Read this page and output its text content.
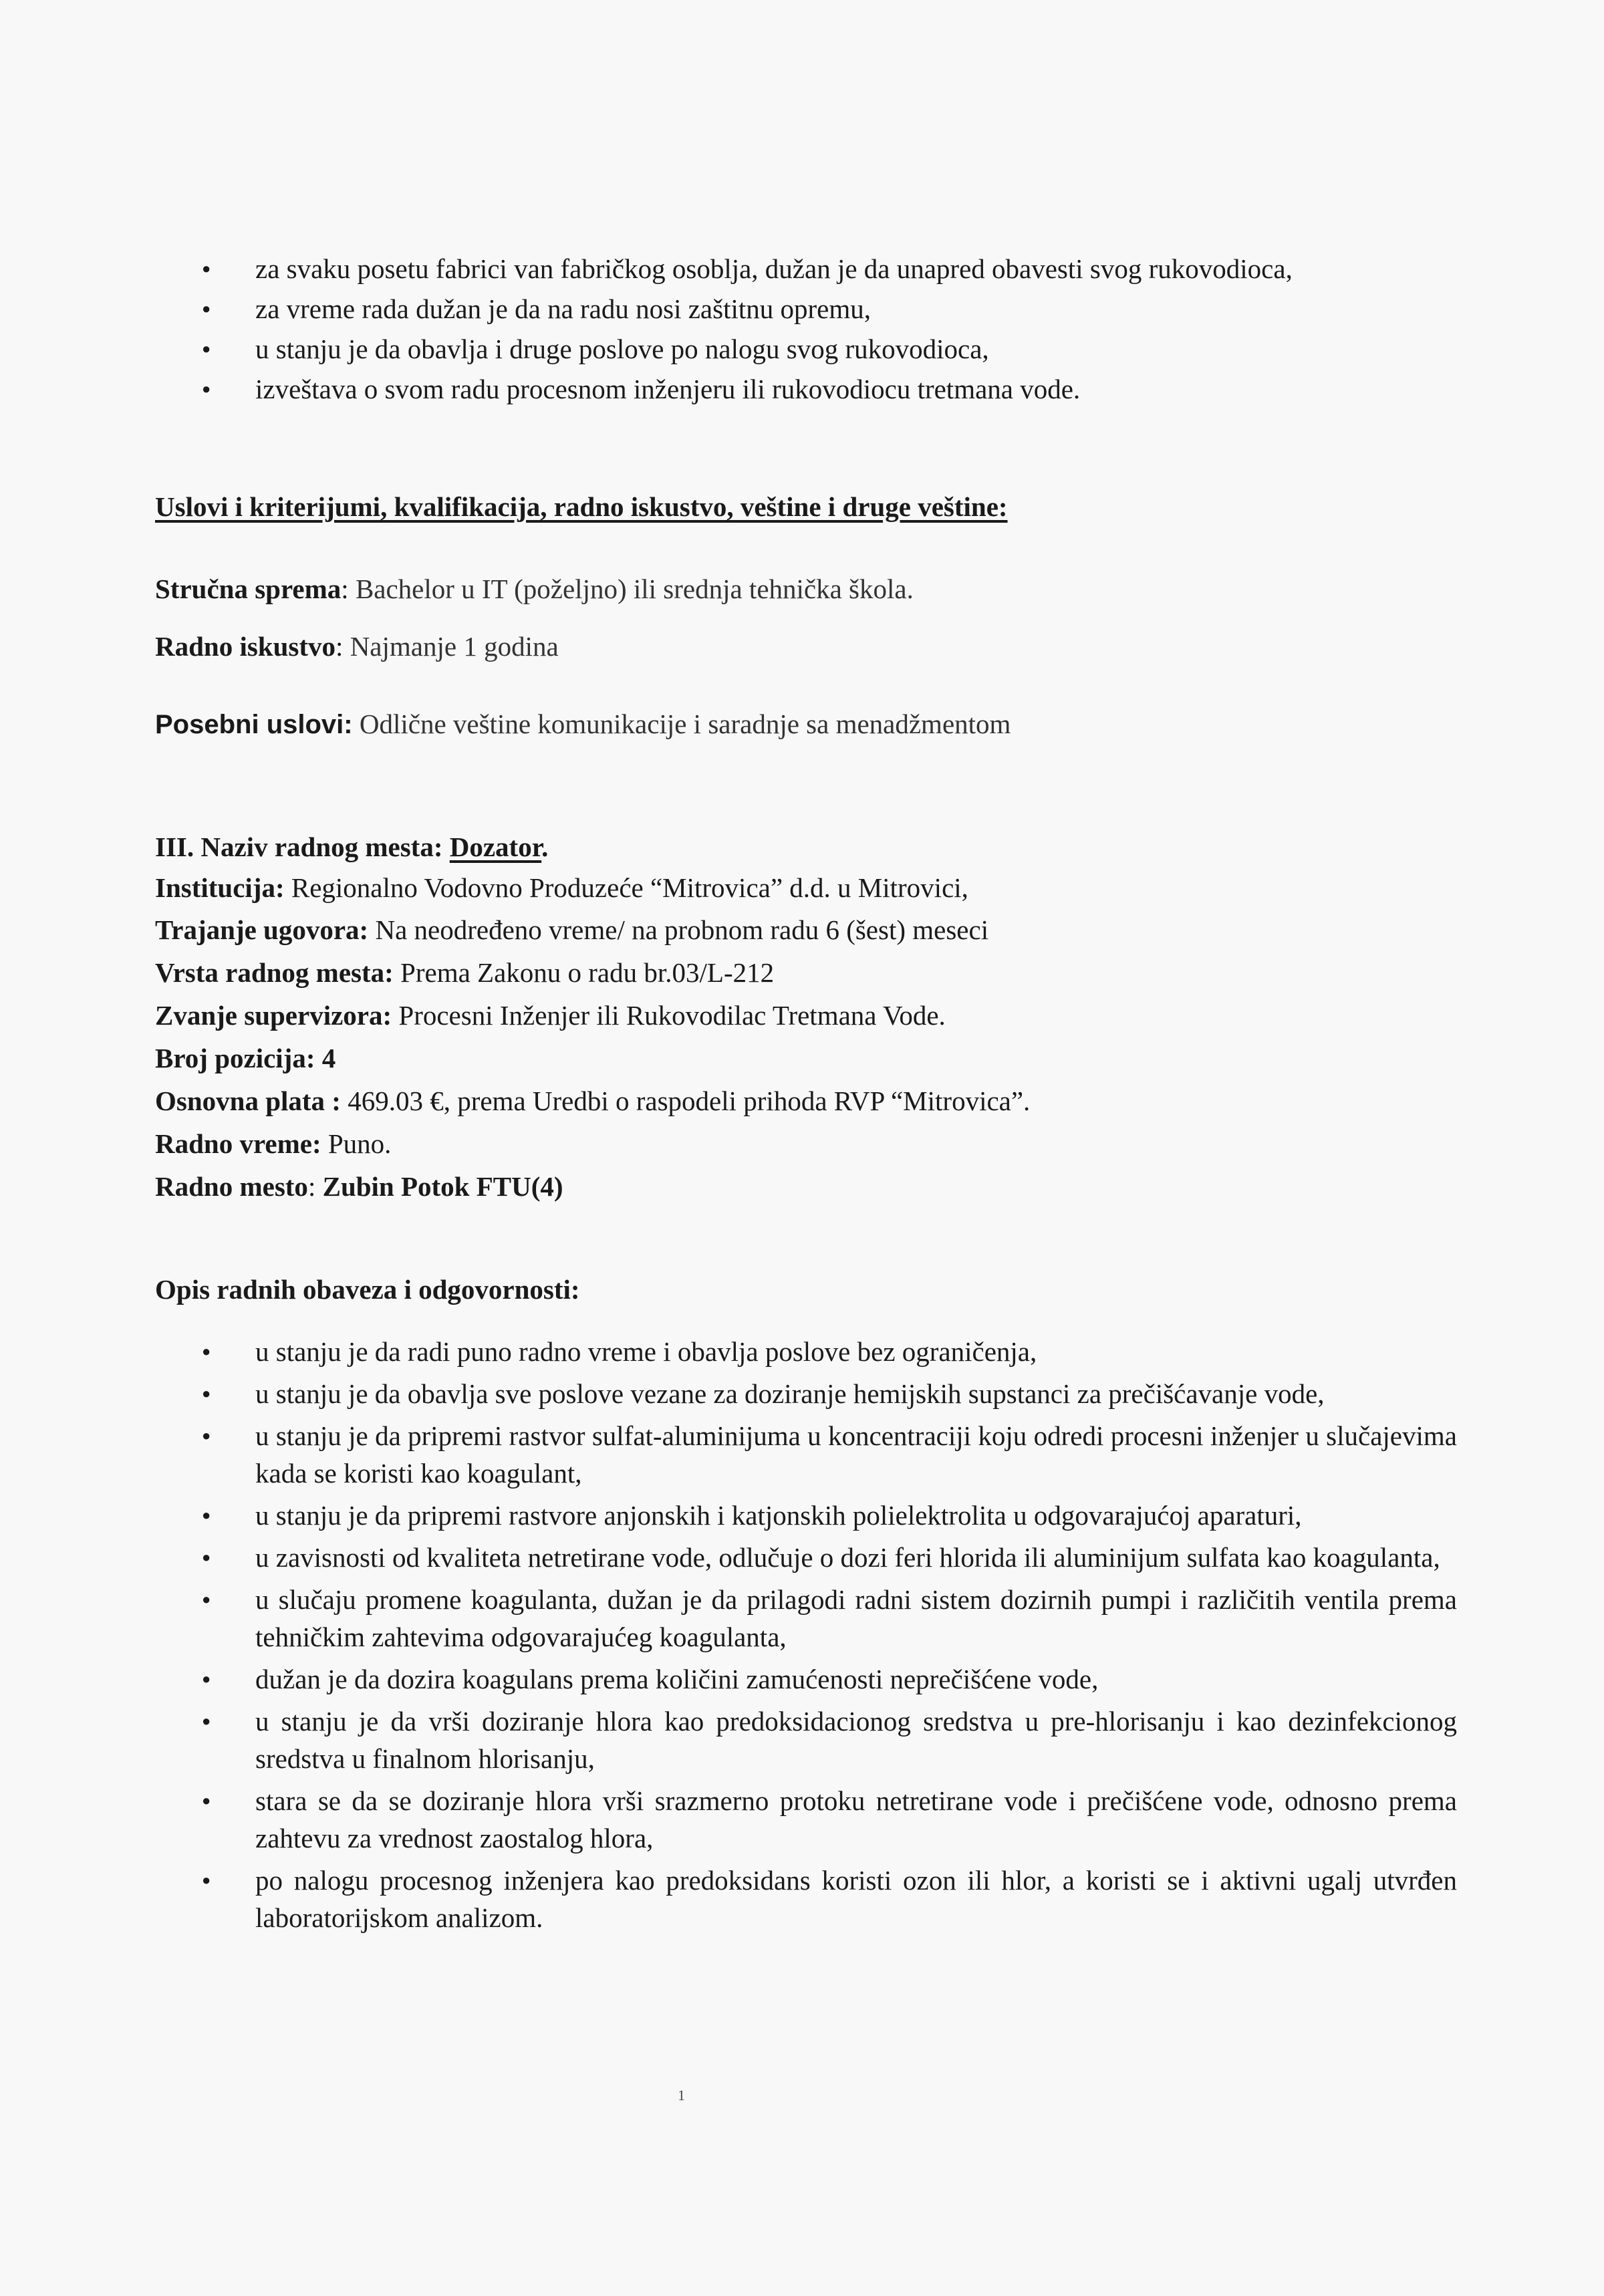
● za svaku posetu fabrici van fabričkog osoblja, dužan je da unapred obavesti svog rukovodioca,
● za vreme rada dužan je da na radu nosi zaštitnu opremu,
● u stanju je da obavlja i druge poslove po nalogu svog rukovodioca,
● izveštava o svom radu procesnom inženjeru ili rukovodiocu tretmana vode.
Uslovi i kriterijumi, kvalifikacija, radno iskustvo, veštine i druge veštine:
Stručna sprema: Bachelor u IT (poželjno) ili srednja tehnička škola.
Radno iskustvo: Najmanje 1 godina
Posebni uslovi: Odlične veštine komunikacije i saradnje sa menadžmentom
III. Naziv radnog mesta: Dozator.
Institucija: Regionalno Vodovno Produzeće “Mitrovica” d.d. u Mitrovici,
Trajanje ugovora: Na neodređeno vreme/ na probnom radu 6 (šest) meseci
Vrsta radnog mesta: Prema Zakonu o radu br.03/L-212
Zvanje supervizora: Procesni Inženjer ili Rukovodilac Tretmana Vode.
Broj pozicija: 4
Osnovna plata : 469.03 €, prema Uredbi o raspodeli prihoda RVP “Mitrovica”.
Radno vreme: Puno.
Radno mesto: Zubin Potok FTU(4)
Opis radnih obaveza i odgovornosti:
● u stanju je da radi puno radno vreme i obavlja poslove bez ograničenja,
● u stanju je da obavlja sve poslove vezane za doziranje hemijskih supstanci za prečišćavanje vode,
● u stanju je da pripremi rastvor sulfat-aluminijuma u koncentraciji koju odredi procesni inženjer u slučajevima kada se koristi kao koagulant,
● u stanju je da pripremi rastvore anjonskih i katjonskih polielektrolita u odgovarajućoj aparaturi,
● u zavisnosti od kvaliteta netretirane vode, odlučuje o dozi feri hlorida ili aluminijum sulfata kao koagulanta,
● u slučaju promene koagulanta, dužan je da prilagodi radni sistem dozirnih pumpi i različitih ventila prema tehničkim zahtevima odgovarajućeg koagulanta,
● dužan je da dozira koagulans prema količini zamućenosti neprečišćene vode,
● u stanju je da vrši doziranje hlora kao predoksidacionog sredstva u pre-hlorisanju i kao dezinfekcionog sredstva u finalnom hlorisanju,
● stara se da se doziranje hlora vrši srazmerno protoku netretirane vode i prečišćene vode, odnosno prema zahtevu za vrednost zaostalog hlora,
● po nalogu procesnog inženjera kao predoksidans koristi ozon ili hlor, a koristi se i aktivni ugalj utvrđen laboratorijskom analizom.
1
